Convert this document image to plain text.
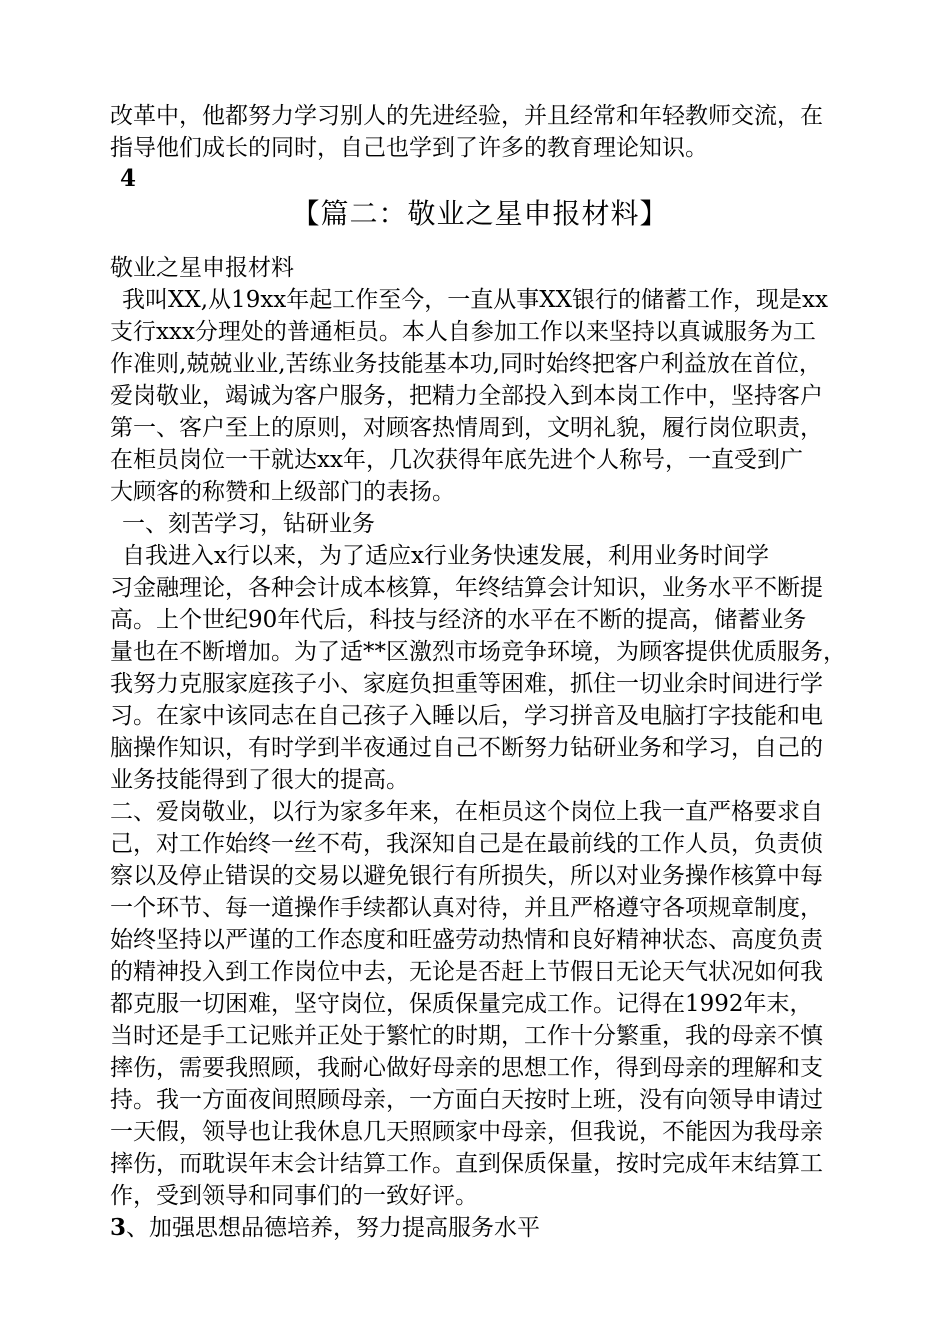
改革中，他都努力学习别人的先进经验，并且经常和年轻教师交流，在
指导他们成长的同时，自己也学到了许多的教育理论知识。
4
【篇二：敬业之星申报材料】
敬业之星申报材料
我叫XX,从19xx年起工作至今，一直从事XX银行的储蓄工作，现是xx
支行xxx分理处的普通柜员。本人自参加工作以来坚持以真诚服务为工
作准则,兢兢业业,苦练业务技能基本功,同时始终把客户利益放在首位，
爱岗敬业，竭诚为客户服务，把精力全部投入到本岗工作中，坚持客户
第一、客户至上的原则，对顾客热情周到，文明礼貌，履行岗位职责，
在柜员岗位一干就达xx年，几次获得年底先进个人称号，一直受到广
大顾客的称赞和上级部门的表扬。
一、刻苦学习，钻研业务
自我进入x行以来，为了适应x行业务快速发展，利用业务时间学
习金融理论，各种会计成本核算，年终结算会计知识，业务水平不断提
高。上个世纪90年代后，科技与经济的水平在不断的提高，储蓄业务
量也在不断增加。为了适**区激烈市场竞争环境，为顾客提供优质服务，
我努力克服家庭孩子小、家庭负担重等困难，抓住一切业余时间进行学
习。在家中该同志在自己孩子入睡以后，学习拼音及电脑打字技能和电
脑操作知识，有时学到半夜通过自己不断努力钻研业务和学习，自己的
业务技能得到了很大的提高。
二、爱岗敬业，以行为家多年来，在柜员这个岗位上我一直严格要求自
己，对工作始终一丝不苟，我深知自己是在最前线的工作人员，负责侦
察以及停止错误的交易以避免银行有所损失，所以对业务操作核算中每
一个环节、每一道操作手续都认真对待，并且严格遵守各项规章制度，
始终坚持以严谨的工作态度和旺盛劳动热情和良好精神状态、高度负责
的精神投入到工作岗位中去，无论是否赶上节假日无论天气状况如何我
都克服一切困难，坚守岗位，保质保量完成工作。记得在1992年末，
当时还是手工记账并正处于繁忙的时期，工作十分繁重，我的母亲不慎
摔伤，需要我照顾，我耐心做好母亲的思想工作，得到母亲的理解和支
持。我一方面夜间照顾母亲，一方面白天按时上班，没有向领导申请过
一天假，领导也让我休息几天照顾家中母亲，但我说，不能因为我母亲
摔伤，而耽误年末会计结算工作。直到保质保量，按时完成年末结算工
作，受到领导和同事们的一致好评。
3、加强思想品德培养，努力提高服务水平
